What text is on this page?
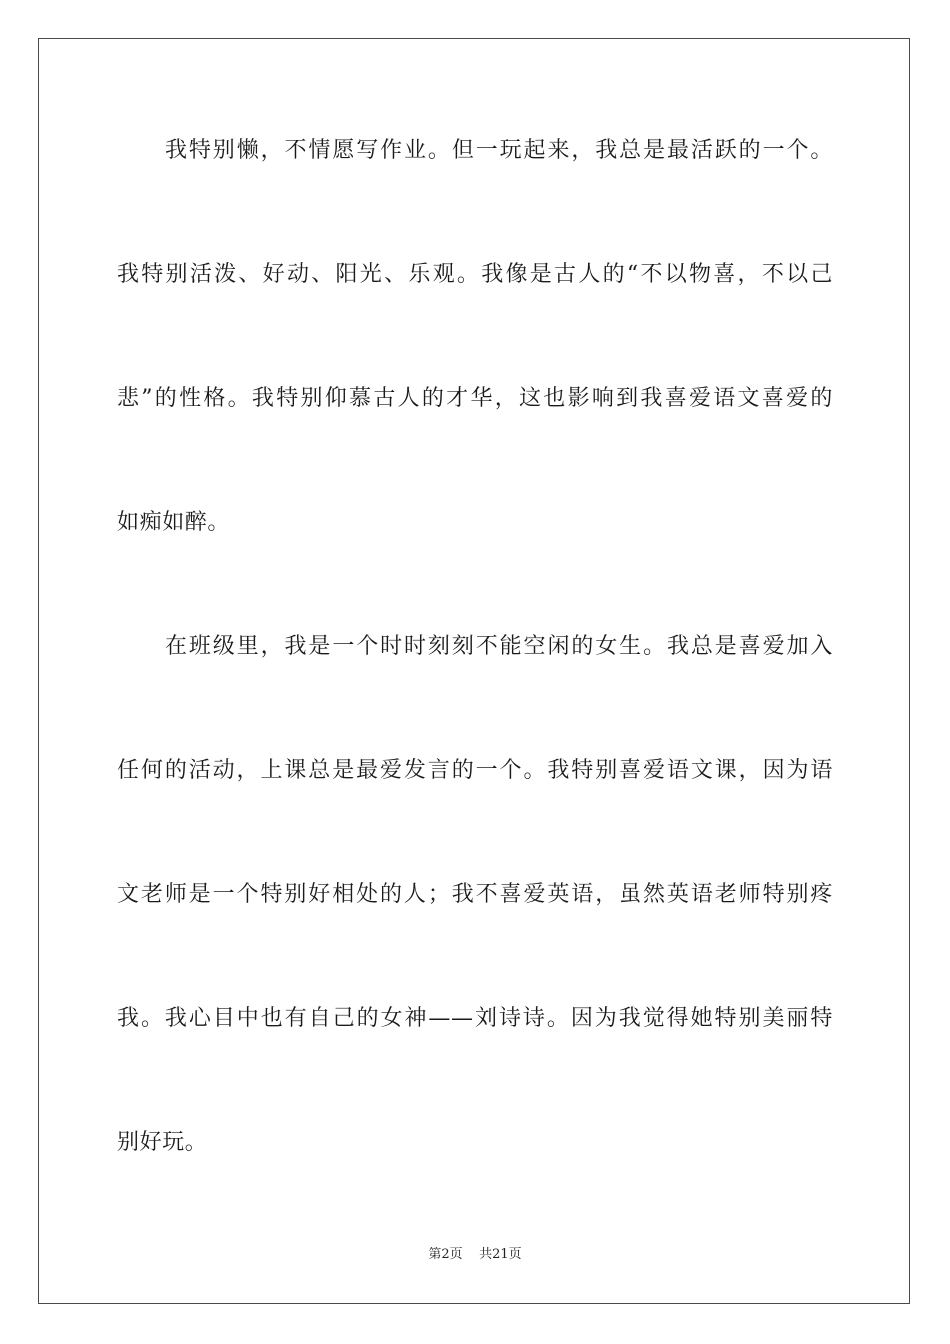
我特别懒，不情愿写作业。但一玩起来，我总是最活跃的一个。
我特别活泼、好动、阳光、乐观。我像是古人的“不以物喜，不以己
悲”的性格。我特别仰慕古人的才华，这也影响到我喜爱语文喜爱的
如痴如醉。
在班级里，我是一个时时刻刻不能空闲的女生。我总是喜爱加入
任何的活动，上课总是最爱发言的一个。我特别喜爱语文课，因为语
文老师是一个特别好相处的人；我不喜爱英语，虽然英语老师特别疼
我。我心目中也有自己的女神——刘诗诗。因为我觉得她特别美丽特
别好玩。
第2页 共21页
